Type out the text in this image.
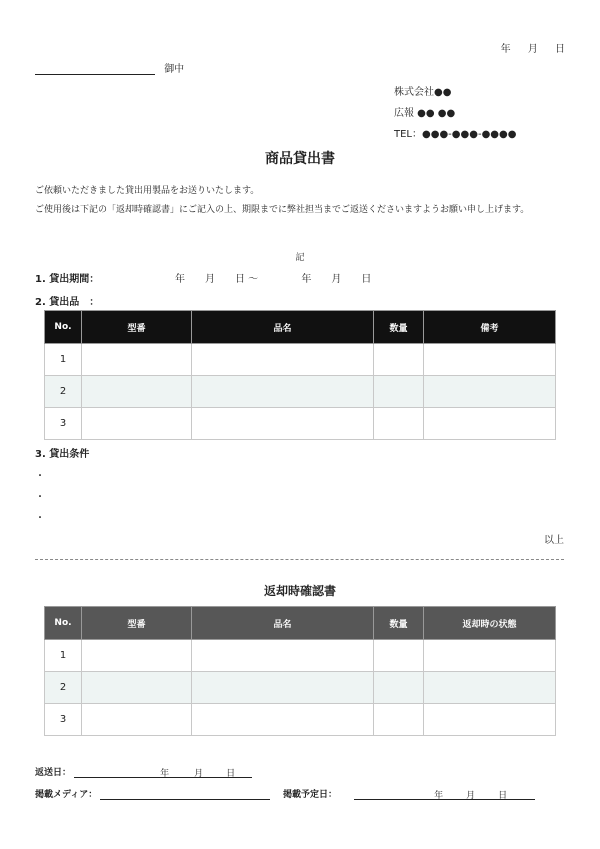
年 月 日
御中
株式会社●●
広報 ●● ●●
TEL：●●●-●●●-●●●●
商品貸出書
ご依頼いただきました貸出用製品をお送りいたします。
ご使用後は下記の「返却時確認書」にご記入の上、期限までに弊社担当までご返送くださいますようお願い申し上げます。
記
1. 貸出期間：	年　　月　　日 ～　　　　 年　　月　　日
2. 貸出品　：
No.	型番	品名	数量	備考
1				
2				
3				
3. 貸出条件
・
・
・
以上
返却時確認書
No.	型番	品名	数量	返却時の状態
1				
2				
3				
返送日：	年	月	日
掲載メディア：	掲載予定日：	年	月	日
